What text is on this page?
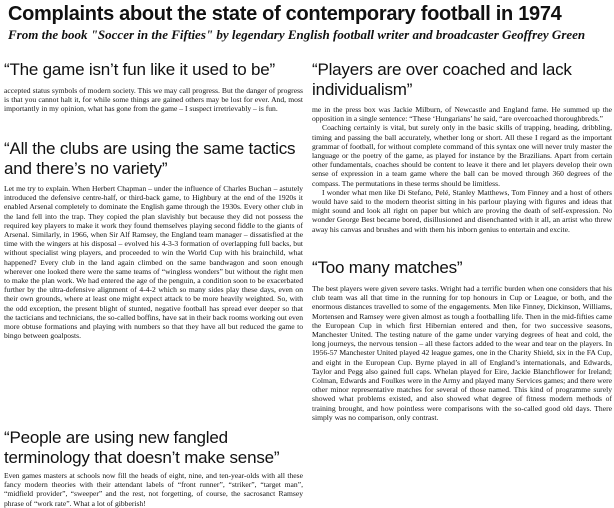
Complaints about the state of contemporary football in 1974
From the book "Soccer in the Fifties" by legendary English football writer and broadcaster Geoffrey Green
“The game isn’t fun like it used to be”
accepted status symbols of modern society. This we may call progress. But the danger of progress is that you cannot halt it, for while some things are gained others may be lost for ever. And, most importantly in my opinion, what has gone from the game – I suspect irretrievably – is fun.
“All the clubs are using the same tactics and there’s no variety”
Let me try to explain. When Herbert Chapman – under the influence of Charles Buchan – astutely introduced the defensive centre-half, or third-back game, to Highbury at the end of the 1920s it enabled Arsenal completely to dominate the English game through the 1930s. Every other club in the land fell into the trap. They copied the plan slavishly but because they did not possess the required key players to make it work they found themselves playing second fiddle to the giants of Arsenal. Similarly, in 1966, when Sir Alf Ramsey, the England team manager – dissatisfied at the time with the wingers at his disposal – evolved his 4-3-3 formation of overlapping full backs, but without specialist wing players, and proceeded to win the World Cup with his brainchild, what happened? Every club in the land again climbed on the same bandwagon and soon enough wherever one looked there were the same teams of “wingless wonders” but without the right men to make the plan work. We had entered the age of the penguin, a condition soon to be exacerbated further by the ultra-defensive alignment of 4-4-2 which so many sides play these days, even on their own grounds, where at least one might expect attack to be more heavily weighted. So, with the odd exception, the present blight of stunted, negative football has spread ever deeper so that the tacticians and technicians, the so-called boffins, have sat in their back rooms working out even more obtuse formations and playing with numbers so that they have all but reduced the game to bingo between goalposts.
“People are using new fangled terminology that doesn’t make sense”
Even games masters at schools now fill the heads of eight, nine, and ten-year-olds with all these fancy modern theories with their attendant labels of “front runner”, “striker”, “target man”, “midfield provider”, “sweeper” and the rest, not forgetting, of course, the sacrosanct Ramsey phrase of “work rate”. What a lot of gibberish!
“Players are over coached and lack individualism”

me in the press box was Jackie Milburn, of Newcastle and England fame. He summed up the opposition in a single sentence: “These ‘Hungarians’ he said, “are overcoached thoroughbreds.”

Coaching certainly is vital, but surely only in the basic skills of trapping, heading, dribbling, timing and passing the ball accurately, whether long or short. All these I regard as the important grammar of football, for without complete command of this syntax one will never truly master the language or the poetry of the game, as played for instance by the Brazilians. Apart from certain other fundamentals, coaches should be content to leave it there and let players develop their own sense of expression in a team game where the ball can be moved through 360 degrees of the compass. The permutations in these terms should be limitless.

I wonder what men like Di Stefano, Pelé, Stanley Matthews, Tom Finney and a host of others would have said to the modern theorist sitting in his parlour playing with figures and ideas that might sound and look all right on paper but which are proving the death of self-expression. No wonder George Best became bored, disillusioned and disenchanted with it all, an artist who threw away his canvas and brushes and with them his inborn genius to entertain and excite.

“Too many matches”
The best players were given severe tasks. Wright had a terrific burden when one considers that his club team was all that time in the running for top honours in Cup or League, or both, and the enormous distances travelled to some of the engagements. Men like Finney, Dickinson, Williams, Mortensen and Ramsey were given almost as tough a footballing life. Then in the mid-fifties came the European Cup in which first Hibernian entered and then, for two successive seasons, Manchester United. The testing nature of the game under varying degrees of heat and cold, the long journeys, the nervous tension – all these factors added to the wear and tear on the players. In 1956-57 Manchester United played 42 league games, one in the Charity Shield, six in the FA Cup, and eight in the European Cup. Byrne played in all of England’s internationals, and Edwards, Taylor and Pegg also gained full caps. Whelan played for Eire, Jackie Blanchflower for Ireland; Colman, Edwards and Foulkes were in the Army and played many Services games; and there were other minor representative matches for several of those named. This kind of programme surely showed what problems existed, and also showed what degree of fitness modern methods of training brought, and how pointless were comparisons with the so-called good old days. There simply was no comparison, only contrast.
